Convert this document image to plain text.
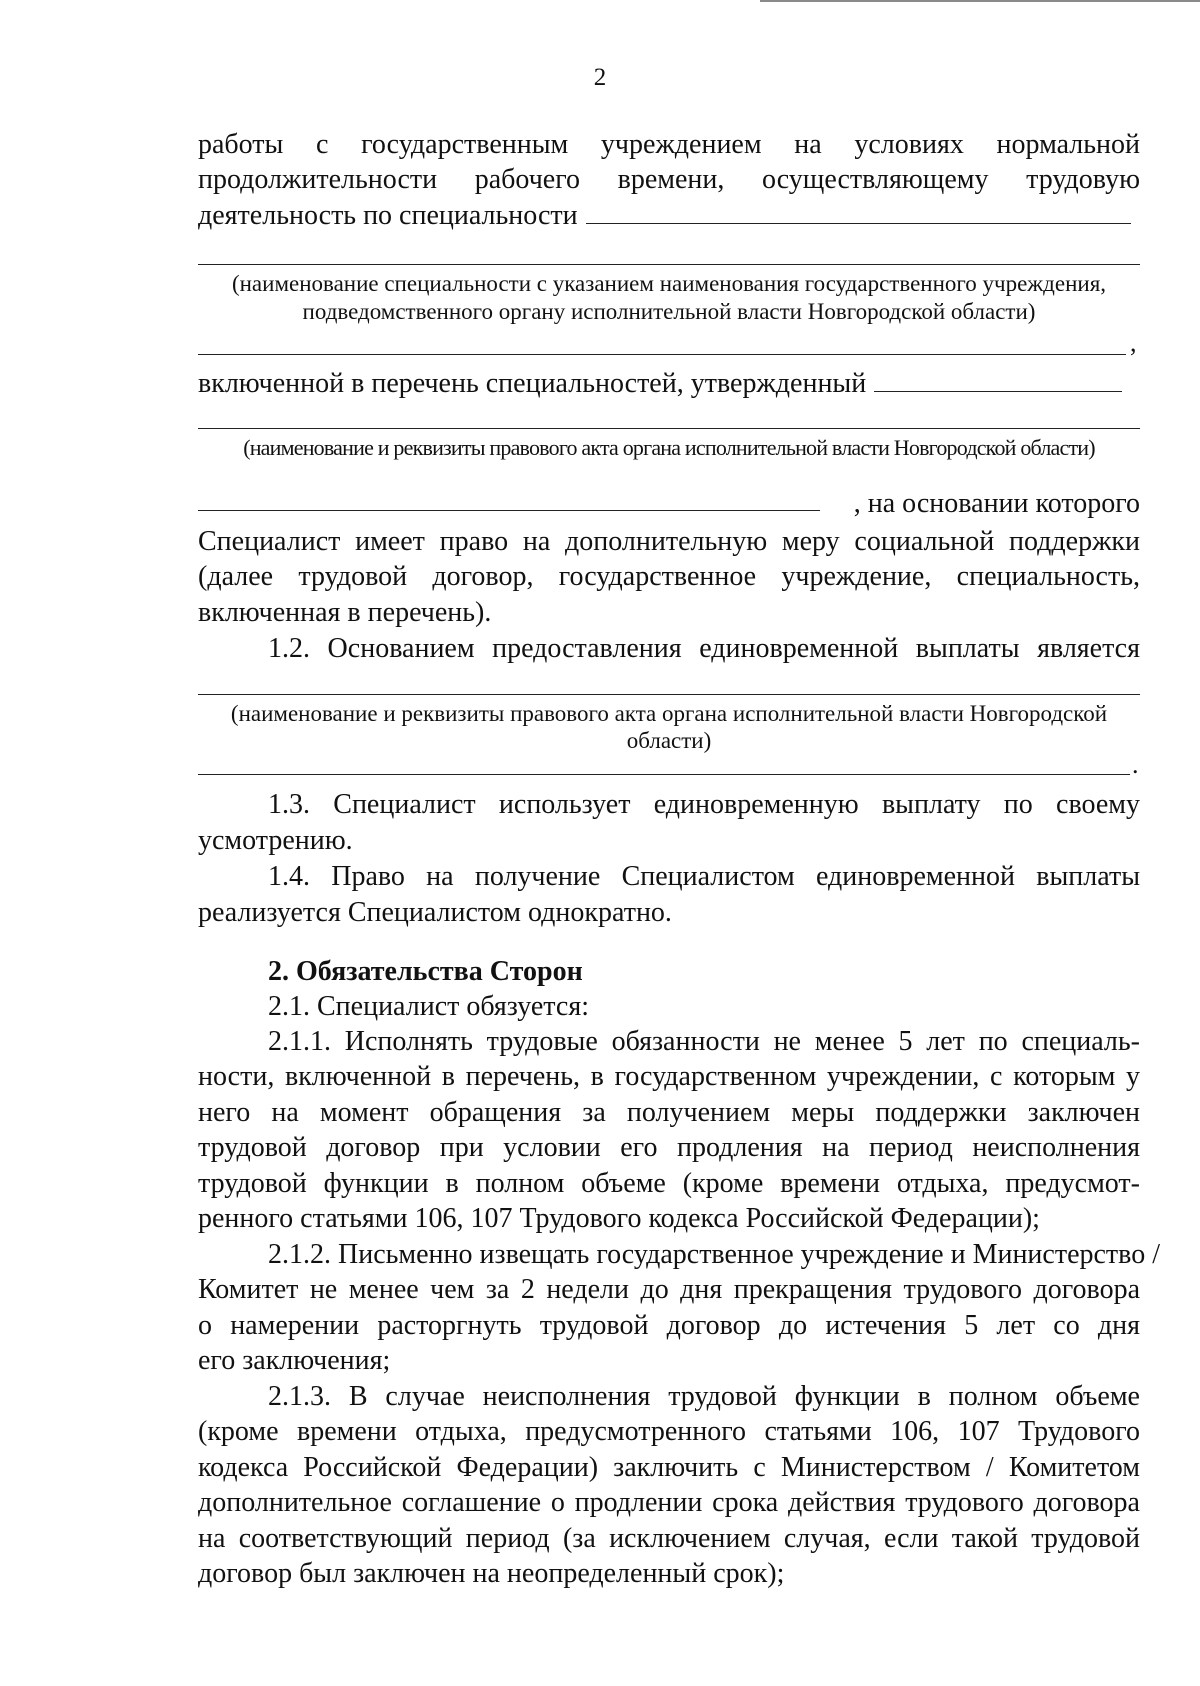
2
работы с государственным учреждением на условиях нормальной
продолжительности рабочего времени, осуществляющему трудовую
деятельность по специальности
(наименование специальности с указанием наименования государственного учреждения,
подведомственного органу исполнительной власти Новгородской области)
,
включенной в перечень специальностей, утвержденный
(наименование и реквизиты правового акта органа исполнительной власти Новгородской области)
, на основании которого
Специалист имеет право на дополнительную меру социальной поддержки
(далее трудовой договор, государственное учреждение, специальность,
включенная в перечень).
1.2. Основанием предоставления единовременной выплаты является
(наименование и реквизиты правового акта органа исполнительной власти Новгородской
области)
.
1.3. Специалист использует единовременную выплату по своему
усмотрению.
1.4. Право на получение Специалистом единовременной выплаты
реализуется Специалистом однократно.
2. Обязательства Сторон
2.1. Специалист обязуется:
2.1.1. Исполнять трудовые обязанности не менее 5 лет по специаль-
ности, включенной в перечень, в государственном учреждении, с которым у
него на момент обращения за получением меры поддержки заключен
трудовой договор при условии его продления на период неисполнения
трудовой функции в полном объеме (кроме времени отдыха, предусмот-
ренного статьями 106, 107 Трудового кодекса Российской Федерации);
2.1.2. Письменно извещать государственное учреждение и Министерство /
Комитет не менее чем за 2 недели до дня прекращения трудового договора
о намерении расторгнуть трудовой договор до истечения 5 лет со дня
его заключения;
2.1.3. В случае неисполнения трудовой функции в полном объеме
(кроме времени отдыха, предусмотренного статьями 106, 107 Трудового
кодекса Российской Федерации) заключить с Министерством / Комитетом
дополнительное соглашение о продлении срока действия трудового договора
на соответствующий период (за исключением случая, если такой трудовой
договор был заключен на неопределенный срок);
